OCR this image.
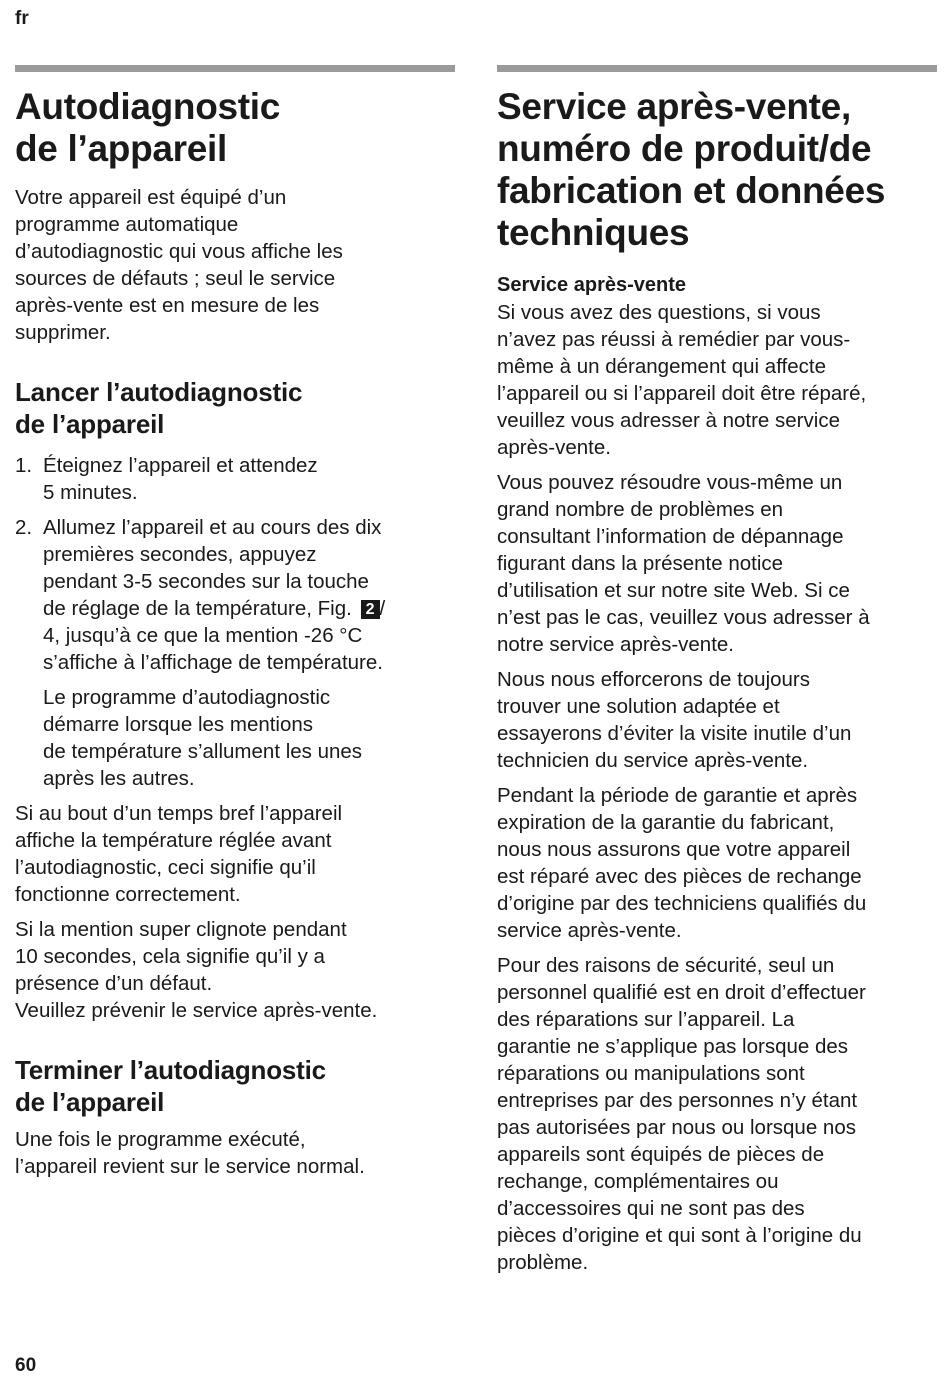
fr
Autodiagnostic
de l’appareil

Votre appareil est équipé d’un
programme automatique
d’autodiagnostic qui vous affiche les
sources de défauts ; seul le service
après-vente est en mesure de les
supprimer.

Lancer l’autodiagnostic
de l’appareil
1. Éteignez l’appareil et attendez
5 minutes.

2. Allumez l’appareil et au cours des dix
premières secondes, appuyez
pendant 3-5 secondes sur la touche
de réglage de la température, Fig. 2 /
4, jusqu’à ce que la mention -26 °C
s’affiche à l’affichage de température.

Le programme d’autodiagnostic
démarre lorsque les mentions
de température s’allument les unes
après les autres.

Si au bout d’un temps bref l’appareil
affiche la température réglée avant
l’autodiagnostic, ceci signifie qu’il
fonctionne correctement.

Si la mention super clignote pendant
10 secondes, cela signifie qu’il y a
présence d’un défaut.
Veuillez prévenir le service après-vente.

Terminer l’autodiagnostic
de l’appareil

Une fois le programme exécuté,
l’appareil revient sur le service normal.

Service après-vente,
numéro de produit/de
fabrication et données
techniques
Service après-vente

Si vous avez des questions, si vous
n’avez pas réussi à remédier par vous-
même à un dérangement qui affecte
l’appareil ou si l’appareil doit être réparé,
veuillez vous adresser à notre service
après-vente.

Vous pouvez résoudre vous-même un
grand nombre de problèmes en
consultant l’information de dépannage
figurant dans la présente notice
d’utilisation et sur notre site Web. Si ce
n’est pas le cas, veuillez vous adresser à
notre service après-vente.

Nous nous efforcerons de toujours
trouver une solution adaptée et
essayerons d’éviter la visite inutile d’un
technicien du service après-vente.

Pendant la période de garantie et après
expiration de la garantie du fabricant,
nous nous assurons que votre appareil
est réparé avec des pièces de rechange
d’origine par des techniciens qualifiés du
service après-vente.

Pour des raisons de sécurité, seul un
personnel qualifié est en droit d’effectuer
des réparations sur l’appareil. La
garantie ne s’applique pas lorsque des
réparations ou manipulations sont
entreprises par des personnes n’y étant
pas autorisées par nous ou lorsque nos
appareils sont équipés de pièces de
rechange, complémentaires ou
d’accessoires qui ne sont pas des
pièces d’origine et qui sont à l’origine du
problème.

60
